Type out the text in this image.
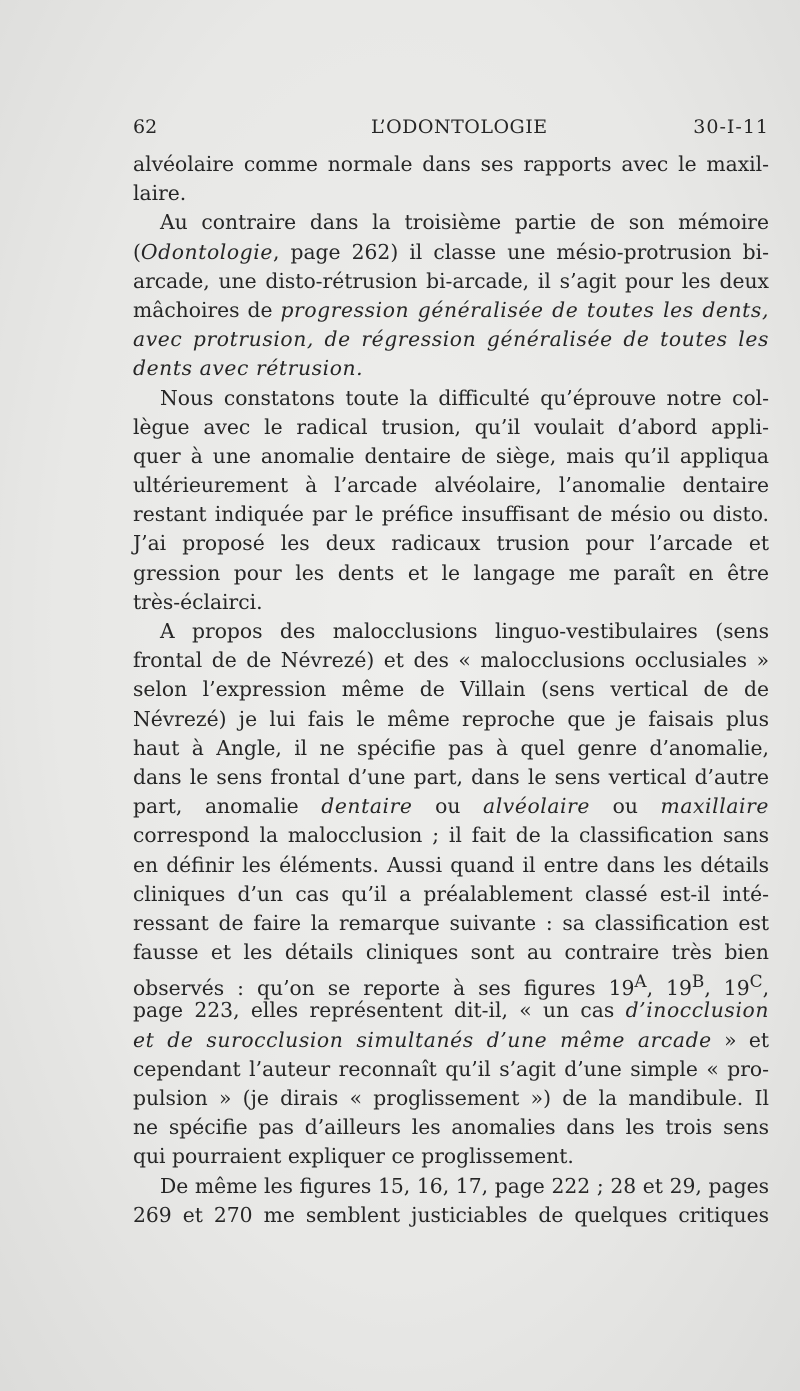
62	L’ODONTOLOGIE	30-I-11
alvéolaire comme normale dans ses rapports avec le maxil-
laire.
Au contraire dans la troisième partie de son mémoire
(Odontologie, page 262) il classe une mésio-protrusion bi-
arcade, une disto-rétrusion bi-arcade, il s’agit pour les deux
mâchoires de progression généralisée de toutes les dents,
avec protrusion, de régression généralisée de toutes les
dents avec rétrusion.
Nous constatons toute la difficulté qu’éprouve notre col-
lègue avec le radical trusion, qu’il voulait d’abord appli-
quer à une anomalie dentaire de siège, mais qu’il appliqua
ultérieurement à l’arcade alvéolaire, l’anomalie dentaire
restant indiquée par le préfice insuffisant de mésio ou disto.
J’ai proposé les deux radicaux trusion pour l’arcade et
gression pour les dents et le langage me paraît en être
très-éclairci.
A propos des malocclusions linguo-vestibulaires (sens
frontal de de Névrezé) et des « malocclusions occlusiales »
selon l’expression même de Villain (sens vertical de de
Névrezé) je lui fais le même reproche que je faisais plus
haut à Angle, il ne spécifie pas à quel genre d’anomalie,
dans le sens frontal d’une part, dans le sens vertical d’autre
part, anomalie dentaire ou alvéolaire ou maxillaire
correspond la malocclusion ; il fait de la classification sans
en définir les éléments. Aussi quand il entre dans les détails
cliniques d’un cas qu’il a préalablement classé est-il inté-
ressant de faire la remarque suivante : sa classification est
fausse et les détails cliniques sont au contraire très bien
observés : qu’on se reporte à ses figures $19^A$, $19^B$, $19^C$,
page 223, elles représentent dit-il, « un cas d’inocclusion
et de surocclusion simultanés d’une même arcade » et
cependant l’auteur reconnaît qu’il s’agit d’une simple « pro-
pulsion » (je dirais « proglissement ») de la mandibule. Il
ne spécifie pas d’ailleurs les anomalies dans les trois sens
qui pourraient expliquer ce proglissement.
De même les figures 15, 16, 17, page 222 ; 28 et 29, pages
269 et 270 me semblent justiciables de quelques critiques
